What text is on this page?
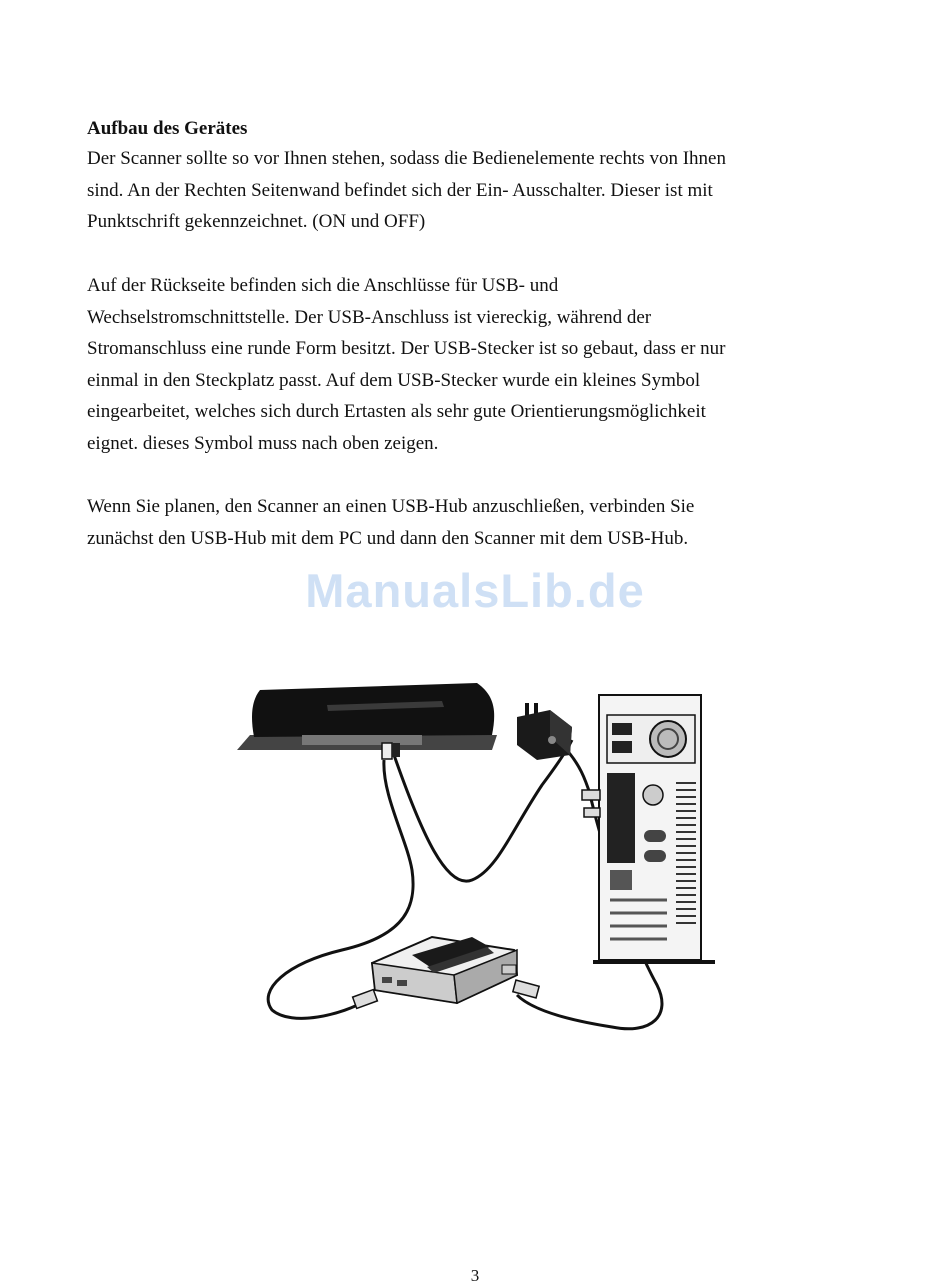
Aufbau des Gerätes

Der Scanner sollte so vor Ihnen stehen, sodass die Bedienelemente rechts von Ihnen
sind. An der Rechten Seitenwand befindet sich der Ein- Ausschalter. Dieser ist mit
Punktschrift gekennzeichnet. (ON und OFF)

Auf der Rückseite befinden sich die Anschlüsse für USB- und
Wechselstromschnittstelle. Der USB-Anschluss ist viereckig, während der
Stromanschluss eine runde Form besitzt. Der USB-Stecker ist so gebaut, dass er nur
einmal in den Steckplatz passt. Auf dem USB-Stecker wurde ein kleines Symbol
eingearbeitet, welches sich durch Ertasten als sehr gute Orientierungsmöglichkeit
eignet. dieses Symbol muss nach oben zeigen.

Wenn Sie planen, den Scanner an einen USB-Hub anzuschließen, verbinden Sie
zunächst den USB-Hub mit dem PC und dann den Scanner mit dem USB-Hub.

ManualsLib.de
3
